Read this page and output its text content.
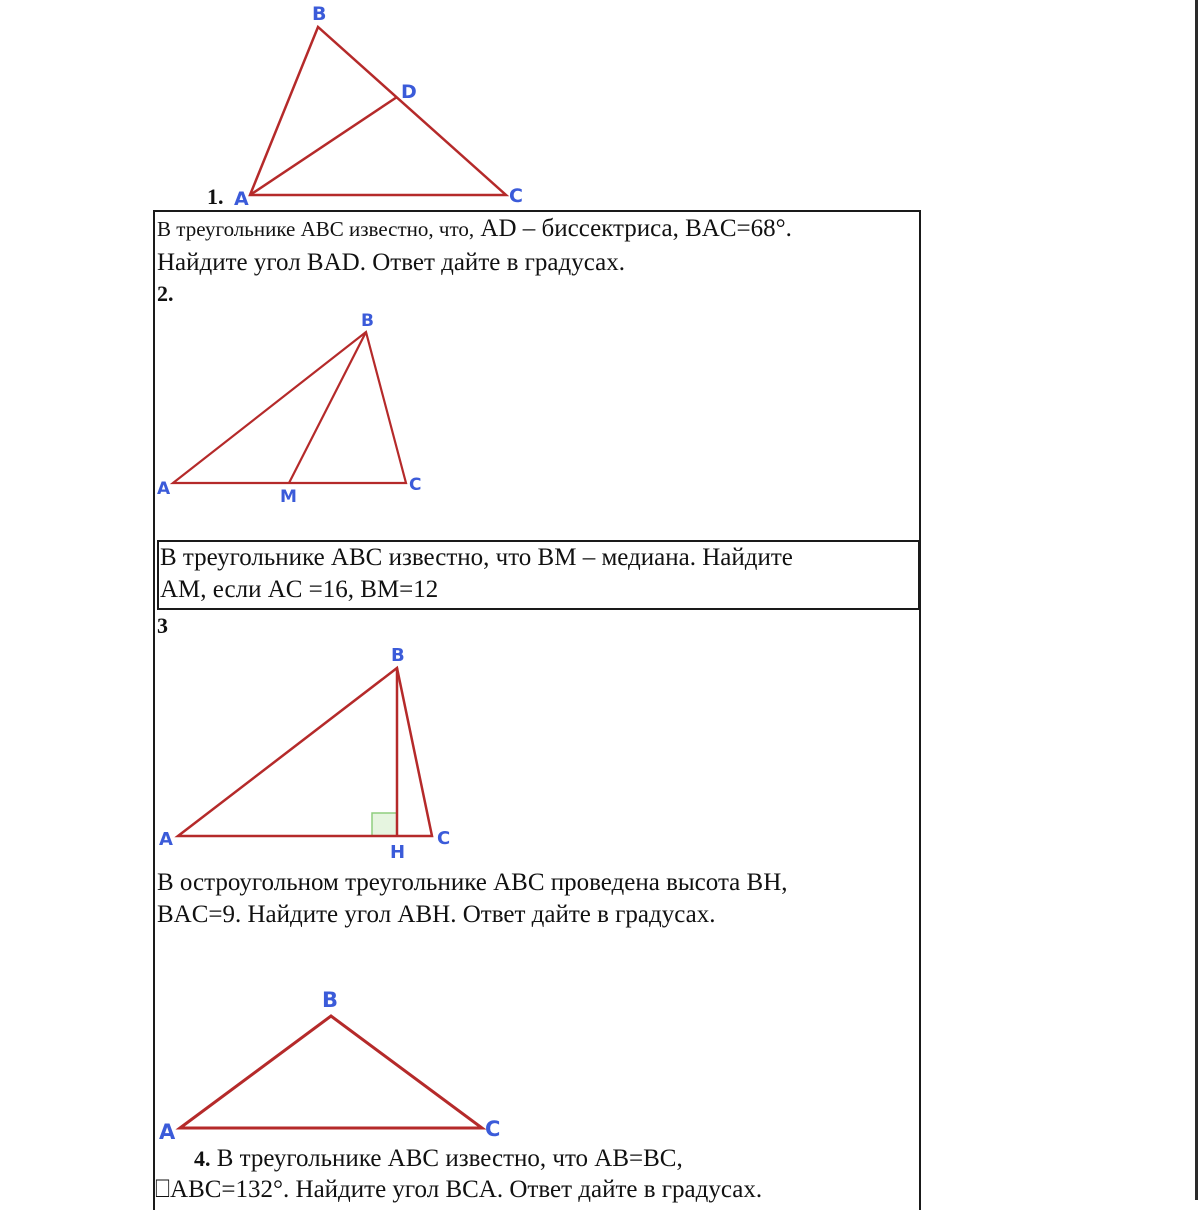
B
D
A	C
1.
В треугольнике ABC известно, что, AD – биссектриса, BAC=68°.
Найдите угол BAD. Ответ дайте в градусах.
2.
B
A	C
M
В треугольнике ABC известно, что BM – медиана. Найдите
AM, если AC =16, BM=12
3
B
A	C
H
В остроугольном треугольнике ABC проведена высота BH,
BAC=9. Найдите угол ABH. Ответ дайте в градусах.
B
A	C
4. В треугольнике ABC известно, что AB=BC,
⎕ABC=132°. Найдите угол BCA. Ответ дайте в градусах.
